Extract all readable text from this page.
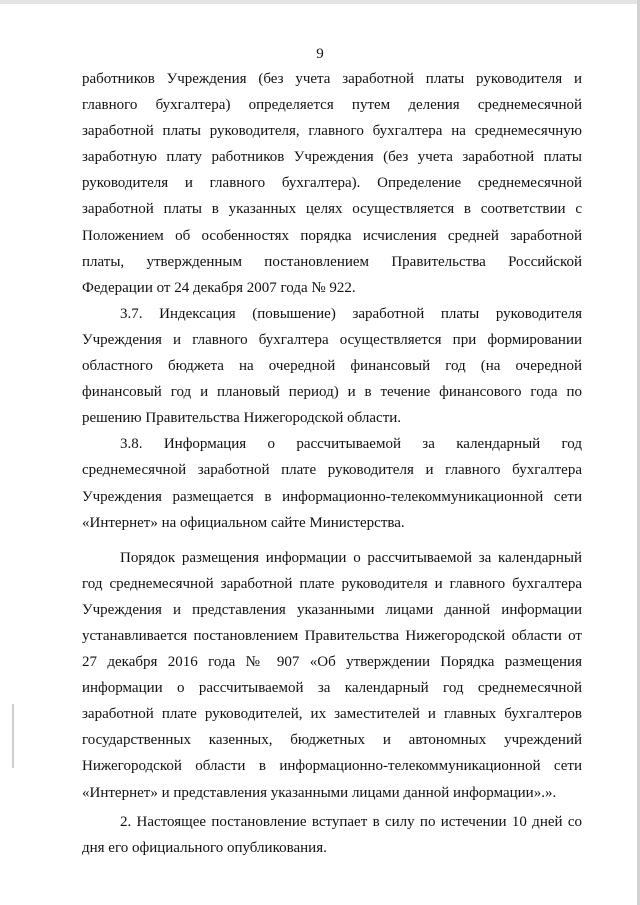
9

работников Учреждения (без учета заработной платы руководителя и главного бухгалтера) определяется путем деления среднемесячной заработной платы руководителя, главного бухгалтера на среднемесячную заработную плату работников Учреждения (без учета заработной платы руководителя и главного бухгалтера). Определение среднемесячной заработной платы в указанных целях осуществляется в соответствии с Положением об особенностях порядка исчисления средней заработной платы, утвержденным постановлением Правительства Российской Федерации от 24 декабря 2007 года № 922.

3.7. Индексация (повышение) заработной платы руководителя Учреждения и главного бухгалтера осуществляется при формировании областного бюджета на очередной финансовый год (на очередной финансовый год и плановый период) и в течение финансового года по решению Правительства Нижегородской области.

3.8. Информация о рассчитываемой за календарный год среднемесячной заработной плате руководителя и главного бухгалтера Учреждения размещается в информационно-телекоммуникационной сети «Интернет» на официальном сайте Министерства.

Порядок размещения информации о рассчитываемой за календарный год среднемесячной заработной плате руководителя и главного бухгалтера Учреждения и представления указанными лицами данной информации устанавливается постановлением Правительства Нижегородской области от 27 декабря 2016 года № 907 «Об утверждении Порядка размещения информации о рассчитываемой за календарный год среднемесячной заработной плате руководителей, их заместителей и главных бухгалтеров государственных казенных, бюджетных и автономных учреждений Нижегородской области в информационно-телекоммуникационной сети «Интернет» и представления указанными лицами данной информации».».

2. Настоящее постановление вступает в силу по истечении 10 дней со дня его официального опубликования.
